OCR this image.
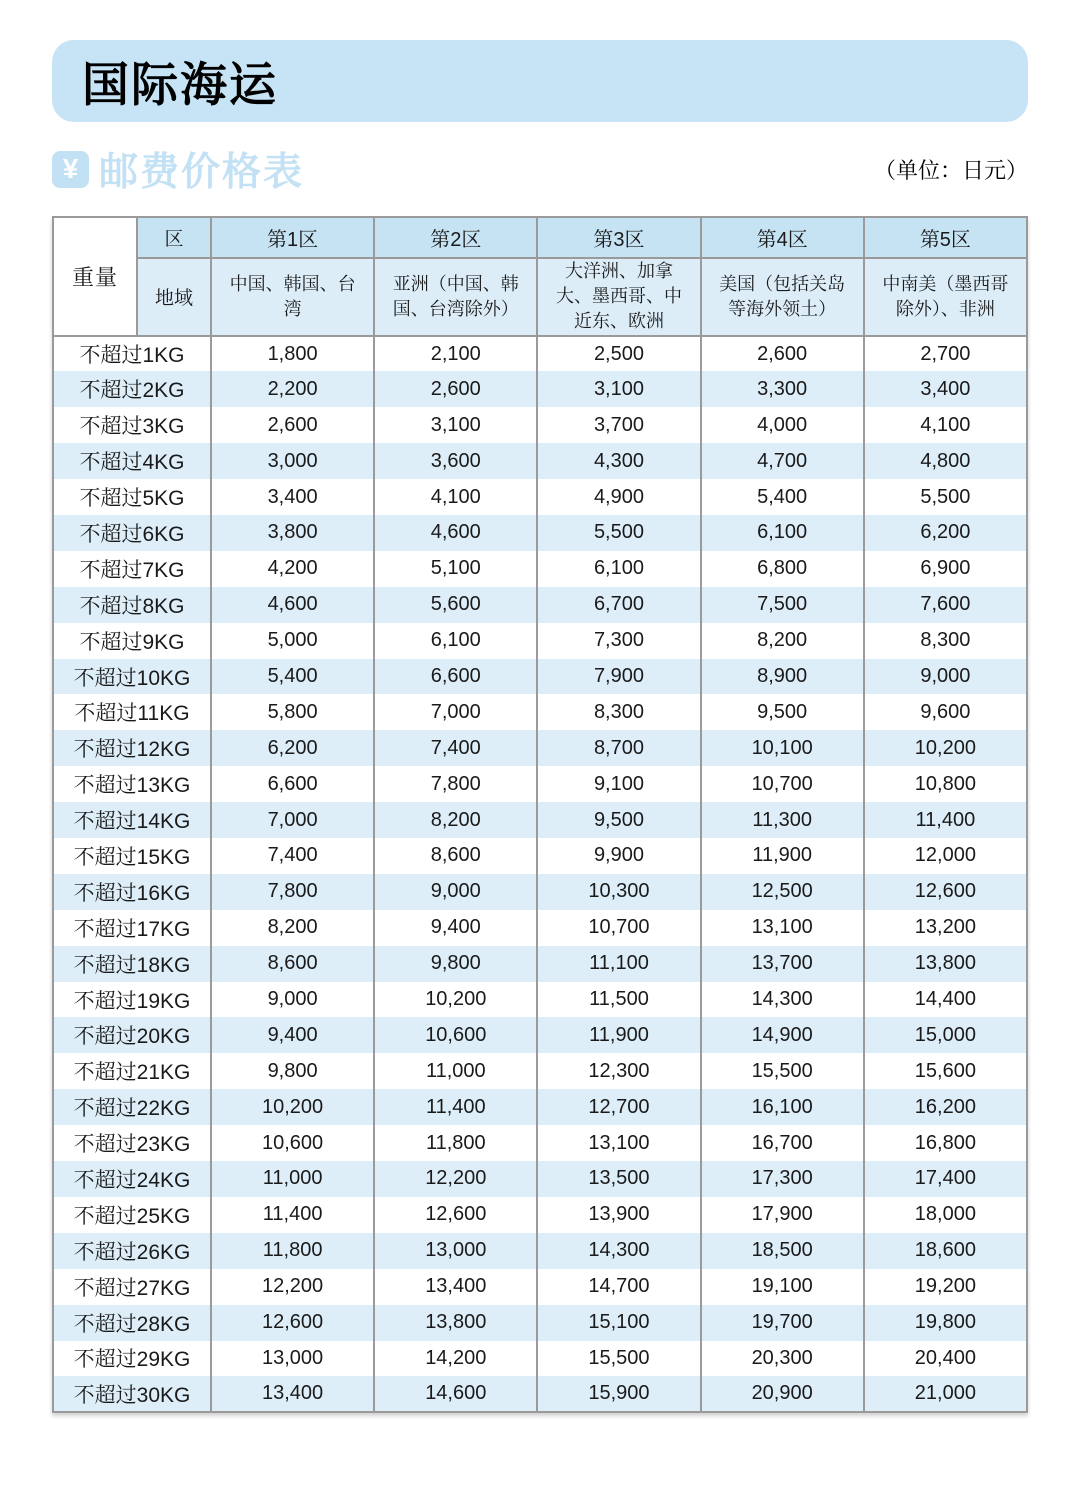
国际海运
¥ 邮费价格表	（单位：日元）
重量	区	第1区	第2区	第3区	第4区	第5区
	地域	中国、韩国、台湾	亚洲（中国、韩国、台湾除外）	大洋洲、加拿大、墨西哥、中近东、欧洲	美国（包括关岛等海外领土）	中南美（墨西哥除外）、非洲
不超过1KG		1,800	2,100	2,500	2,600	2,700
不超过2KG		2,200	2,600	3,100	3,300	3,400
不超过3KG		2,600	3,100	3,700	4,000	4,100
不超过4KG		3,000	3,600	4,300	4,700	4,800
不超过5KG		3,400	4,100	4,900	5,400	5,500
不超过6KG		3,800	4,600	5,500	6,100	6,200
不超过7KG		4,200	5,100	6,100	6,800	6,900
不超过8KG		4,600	5,600	6,700	7,500	7,600
不超过9KG		5,000	6,100	7,300	8,200	8,300
不超过10KG		5,400	6,600	7,900	8,900	9,000
不超过11KG		5,800	7,000	8,300	9,500	9,600
不超过12KG		6,200	7,400	8,700	10,100	10,200
不超过13KG		6,600	7,800	9,100	10,700	10,800
不超过14KG		7,000	8,200	9,500	11,300	11,400
不超过15KG		7,400	8,600	9,900	11,900	12,000
不超过16KG		7,800	9,000	10,300	12,500	12,600
不超过17KG		8,200	9,400	10,700	13,100	13,200
不超过18KG		8,600	9,800	11,100	13,700	13,800
不超过19KG		9,000	10,200	11,500	14,300	14,400
不超过20KG		9,400	10,600	11,900	14,900	15,000
不超过21KG		9,800	11,000	12,300	15,500	15,600
不超过22KG		10,200	11,400	12,700	16,100	16,200
不超过23KG		10,600	11,800	13,100	16,700	16,800
不超过24KG		11,000	12,200	13,500	17,300	17,400
不超过25KG		11,400	12,600	13,900	17,900	18,000
不超过26KG		11,800	13,000	14,300	18,500	18,600
不超过27KG		12,200	13,400	14,700	19,100	19,200
不超过28KG		12,600	13,800	15,100	19,700	19,800
不超过29KG		13,000	14,200	15,500	20,300	20,400
不超过30KG		13,400	14,600	15,900	20,900	21,000
